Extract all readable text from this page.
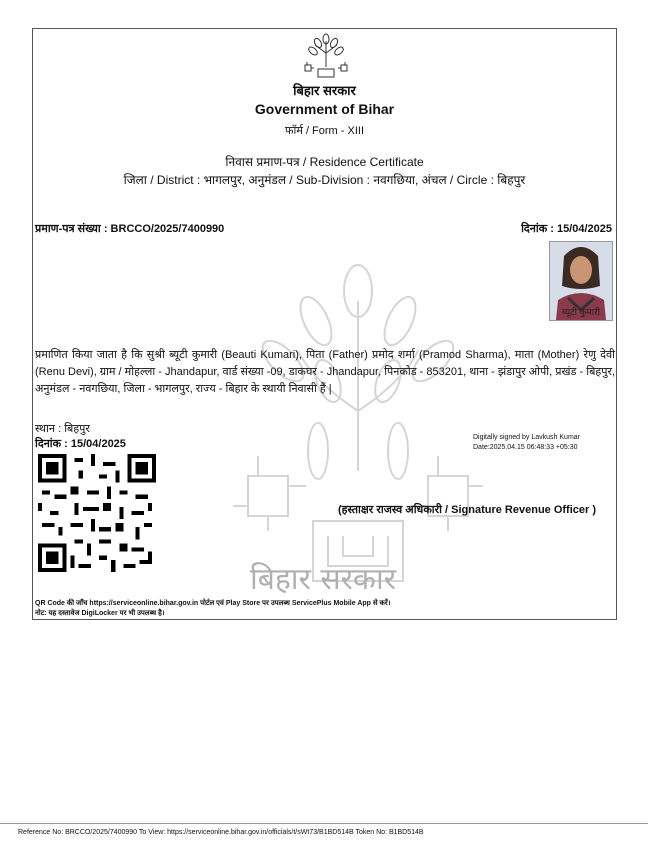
बिहार सरकार
Government of Bihar
फॉर्म / Form - XIII
निवास प्रमाण-पत्र / Residence Certificate
जिला / District : भागलपुर, अनुमंडल / Sub-Division : नवगछिया, अंचल / Circle : बिहपुर
बिहार सरकार
प्रमाण-पत्र संख्या : BRCCO/2025/7400990	दिनांक : 15/04/2025
ब्यूटी कुमारी
प्रमाणित किया जाता है कि सुश्री ब्यूटी कुमारी (Beauti Kumari), पिता (Father) प्रमोद शर्मा (Pramod Sharma), माता (Mother) रेणु देवी (Renu Devi), ग्राम / मोहल्ला - Jhandapur, वार्ड संख्या -09, डाकघर - Jhandapur, पिनकोड - 853201, थाना - झंडापुर ओपी, प्रखंड - बिहपुर, अनुमंडल - नवगछिया, जिला - भागलपुर, राज्य - बिहार के स्थायी निवासी हैं |
स्थान : बिहपुर
दिनांक : 15/04/2025
Digitally signed by Lavkush Kumar
Date:2025.04.15 06:48:33 +05:30
(हस्ताक्षर राजस्व अधिकारी / Signature Revenue Officer )
QR Code की जाँच https://serviceonline.bihar.gov.in पोर्टल एवं Play Store पर उपलब्ध ServicePlus Mobile App से करें।
नोट: यह दस्तावेज DigiLocker पर भी उपलब्ध है।
Reference No: BRCCO/2025/7400990 To View: https://serviceonline.bihar.gov.in/officials/t/sWt73/B1BD514B Token No: B1BD514B
